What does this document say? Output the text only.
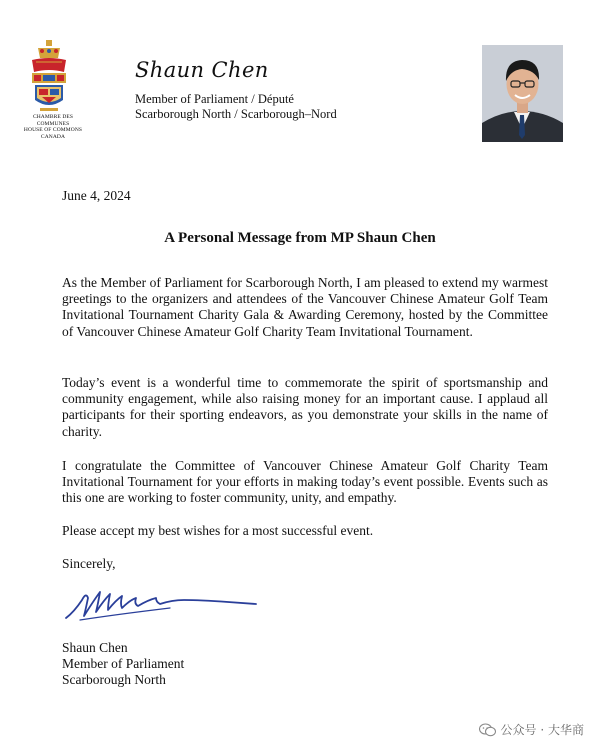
CHAMBRE DES COMMUNES
HOUSE OF COMMONS
CANADA
Shaun Chen
Member of Parliament / Député
Scarborough North / Scarborough–Nord
June 4, 2024
A Personal Message from MP Shaun Chen

As the Member of Parliament for Scarborough North, I am pleased to extend my warmest greetings to the organizers and attendees of the Vancouver Chinese Amateur Golf Team Invitational Tournament Charity Gala & Awarding Ceremony, hosted by the Committee of Vancouver Chinese Amateur Golf Charity Team Invitational Tournament.

Today’s event is a wonderful time to commemorate the spirit of sportsmanship and community engagement, while also raising money for an important cause. I applaud all participants for their sporting endeavors, as you demonstrate your skills in the name of charity.

I congratulate the Committee of Vancouver Chinese Amateur Golf Charity Team Invitational Tournament for your efforts in making today’s event possible. Events such as this one are working to foster community, unity, and empathy.

Please accept my best wishes for a most successful event.

Sincerely,
Shaun Chen
Member of Parliament
Scarborough North
公众号 · 大华商
